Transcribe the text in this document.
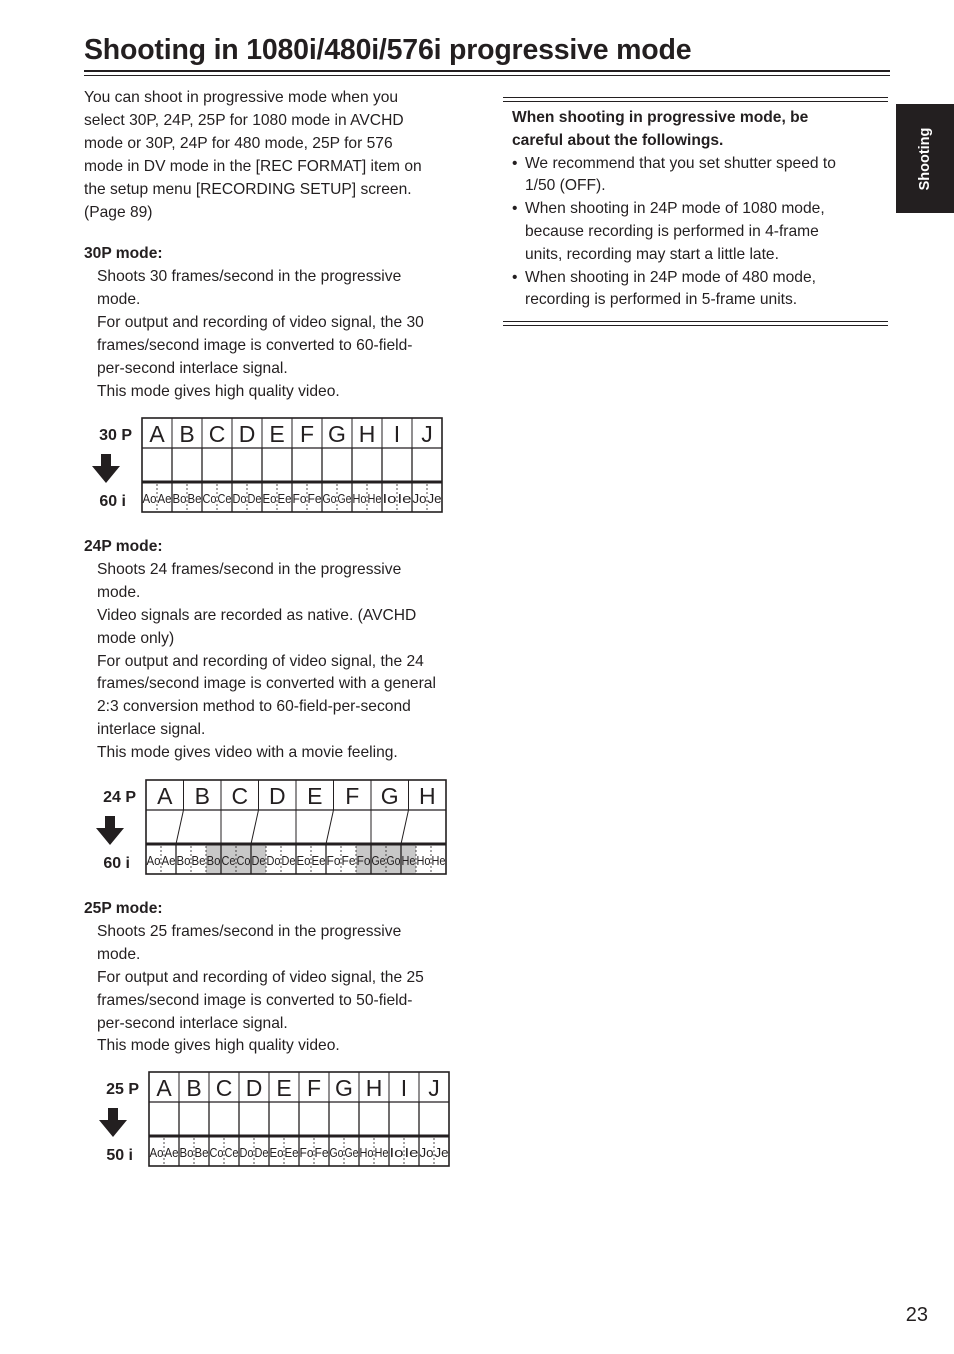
Shooting in 1080i/480i/576i progressive mode
Shooting

You can shoot in progressive mode when you
select 30P, 24P, 25P for 1080 mode in AVCHD
mode or 30P, 24P for 480 mode, 25P for 576
mode in DV mode in the [REC FORMAT] item on
the setup menu [RECORDING SETUP] screen.
(Page 89)

30P mode:

Shoots 30 frames/second in the progressive
mode.
For output and recording of video signal, the 30
frames/second image is converted to 60-field-
per-second interlace signal.
This mode gives high quality video.

A B C D E F G H I J
Ao Ae Bo Be Co Ce Do De Eo Ee Fo Fe Go Ge Ho He Io Ie Jo Je
30 P
60 i

24P mode:

Shoots 24 frames/second in the progressive
mode.
Video signals are recorded as native. (AVCHD
mode only)
For output and recording of video signal, the 24
frames/second image is converted with a general
2:3 conversion method to 60-field-per-second
interlace signal.
This mode gives video with a movie feeling.

A B C D E F G H
Ao Ae Bo Be Bo Ce Co De Do De Eo Ee Fo Fe Fo Ge Go He Ho He
24 P
60 i

25P mode:

Shoots 25 frames/second in the progressive
mode.
For output and recording of video signal, the 25
frames/second image is converted to 50-field-
per-second interlace signal.
This mode gives high quality video.

A B C D E F G H I J
Ao Ae Bo Be Co Ce Do De Eo Ee Fo Fe Go Ge Ho He Io Ie Jo Je
25 P
50 i

When shooting in progressive mode, be
careful about the followings.

• We recommend that you set shutter speed to
1/50 (OFF).

• When shooting in 24P mode of 1080 mode,
because recording is performed in 4-frame
units, recording may start a little late.

• When shooting in 24P mode of 480 mode,
recording is performed in 5-frame units.

23
